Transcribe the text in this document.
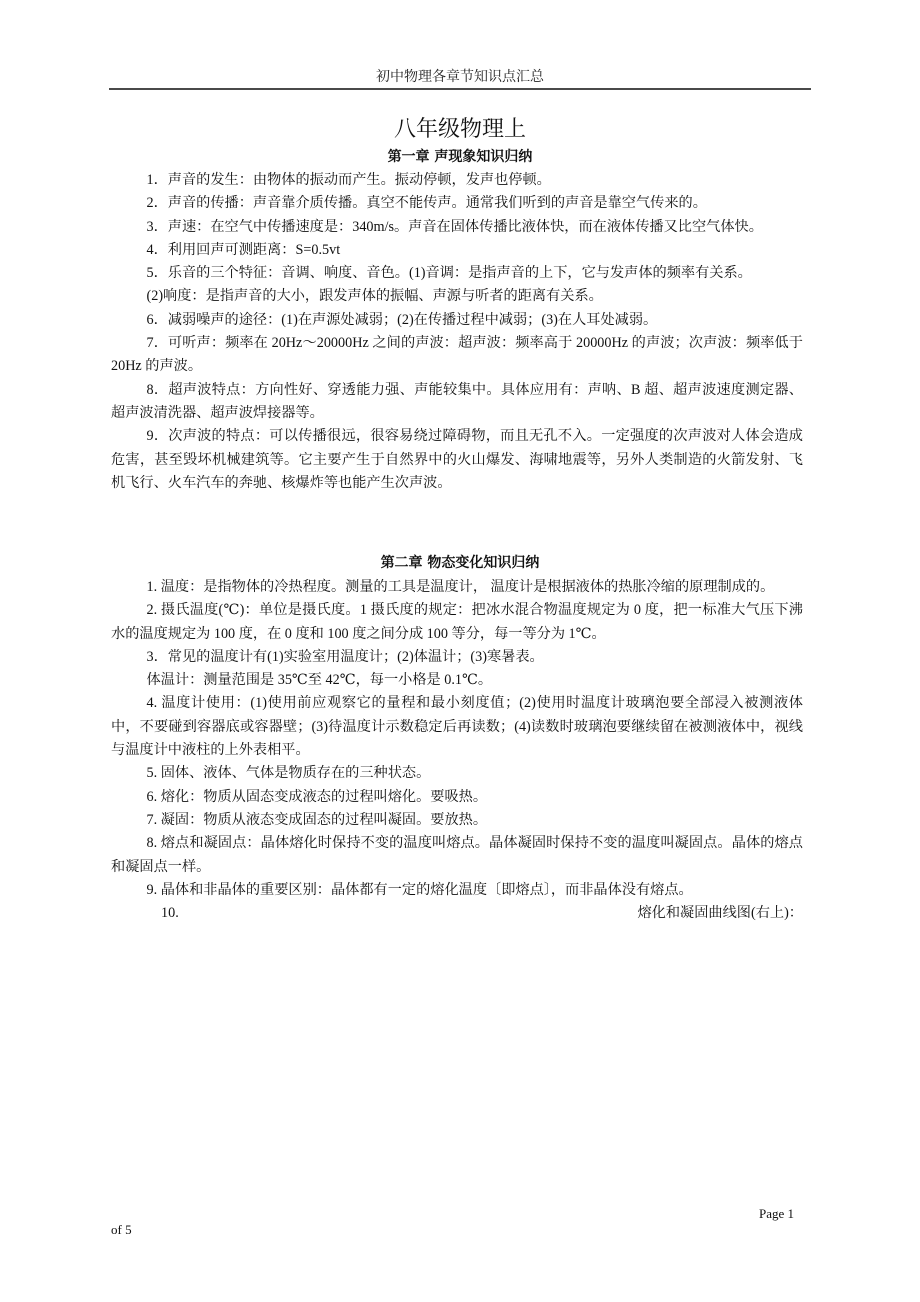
初中物理各章节知识点汇总
八年级物理上
第一章 声现象知识归纳

1．声音的发生：由物体的振动而产生。振动停顿，发声也停顿。

2．声音的传播：声音靠介质传播。真空不能传声。通常我们听到的声音是靠空气传来的。

3．声速：在空气中传播速度是：340m/s。声音在固体传播比液体快，而在液体传播又比空气体快。

4．利用回声可测距离：S=0.5vt

5．乐音的三个特征：音调、响度、音色。(1)音调：是指声音的上下，它与发声体的频率有关系。

(2)响度：是指声音的大小，跟发声体的振幅、声源与听者的距离有关系。

6．减弱噪声的途径：(1)在声源处减弱；(2)在传播过程中减弱；(3)在人耳处减弱。

7．可听声：频率在 20Hz～20000Hz 之间的声波：超声波：频率高于 20000Hz 的声波；次声波：频率低于 20Hz 的声波。

8．超声波特点：方向性好、穿透能力强、声能较集中。具体应用有：声呐、B 超、超声波速度测定器、超声波清洗器、超声波焊接器等。

9．次声波的特点：可以传播很远，很容易绕过障碍物，而且无孔不入。一定强度的次声波对人体会造成危害，甚至毁坏机械建筑等。它主要产生于自然界中的火山爆发、海啸地震等，另外人类制造的火箭发射、飞机飞行、火车汽车的奔驰、核爆炸等也能产生次声波。

第二章 物态变化知识归纳

1. 温度：是指物体的冷热程度。测量的工具是温度计， 温度计是根据液体的热胀冷缩的原理制成的。

2. 摄氏温度(℃)：单位是摄氏度。1 摄氏度的规定：把冰水混合物温度规定为 0 度，把一标准大气压下沸水的温度规定为 100 度，在 0 度和 100 度之间分成 100 等分，每一等分为 1℃。

3．常见的温度计有(1)实验室用温度计；(2)体温计；(3)寒暑表。

体温计：测量范围是 35℃至 42℃，每一小格是 0.1℃。

4. 温度计使用：(1)使用前应观察它的量程和最小刻度值；(2)使用时温度计玻璃泡要全部浸入被测液体中，不要碰到容器底或容器壁；(3)待温度计示数稳定后再读数；(4)读数时玻璃泡要继续留在被测液体中，视线与温度计中液柱的上外表相平。

5. 固体、液体、气体是物质存在的三种状态。

6. 熔化：物质从固态变成液态的过程叫熔化。要吸热。

7. 凝固：物质从液态变成固态的过程叫凝固。要放热。

8. 熔点和凝固点：晶体熔化时保持不变的温度叫熔点。晶体凝固时保持不变的温度叫凝固点。晶体的熔点和凝固点一样。

9. 晶体和非晶体的重要区别：晶体都有一定的熔化温度〔即熔点〕，而非晶体没有熔点。

10.	熔化和凝固曲线图(右上)：

Page 1
of 5
